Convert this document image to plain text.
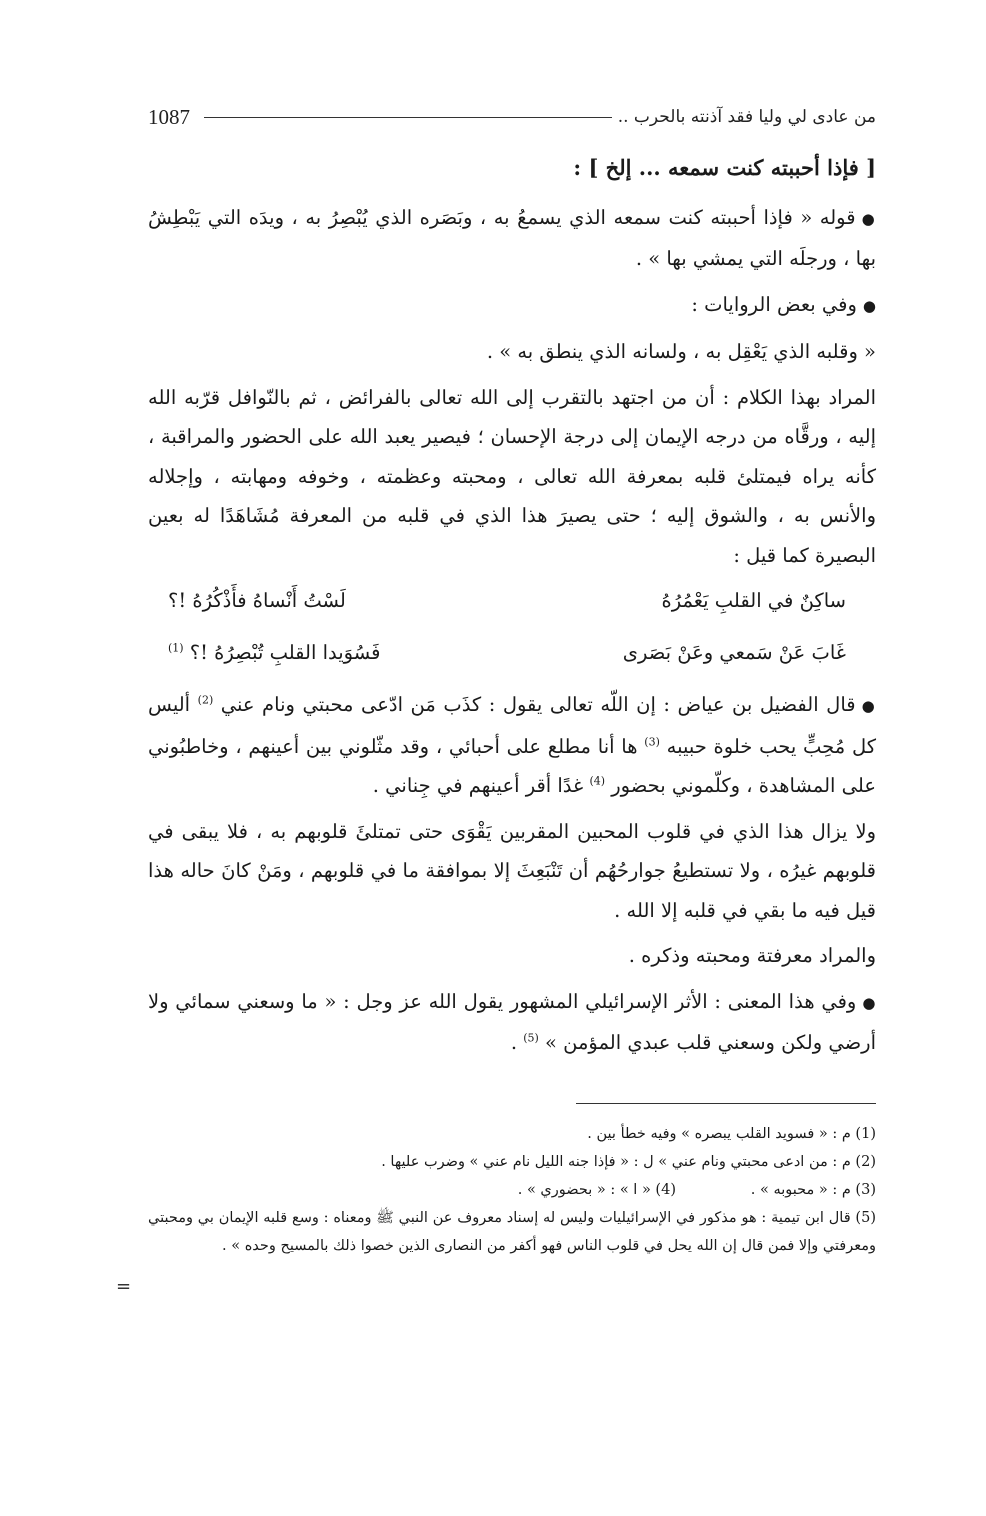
1087	من عادى لي وليا فقد آذنته بالحرب ..

[ فإذا أحببته كنت سمعه ... إلخ ] :

● قوله « فإذا أحببته كنت سمعه الذي يسمعُ به ، وبَصَره الذي يُبْصِرُ به ، ويدَه التي يَبْطِشُ بها ، ورجلَه التي يمشي بها » .

● وفي بعض الروايات :

« وقلبه الذي يَعْقِل به ، ولسانه الذي ينطق به » .

المراد بهذا الكلام : أن من اجتهد بالتقرب إلى الله تعالى بالفرائض ، ثم بالنّوافل قرّبه الله إليه ، ورقَّاه من درجه الإيمان إلى درجة الإحسان ؛ فيصير يعبد الله على الحضور والمراقبة ، كأنه يراه فيمتلئ قلبه بمعرفة الله تعالى ، ومحبته وعظمته ، وخوفه ومهابته ، وإجلاله والأنس به ، والشوق إليه ؛ حتى يصيرَ هذا الذي في قلبه من المعرفة مُشَاهَدًا له بعين البصيرة كما قيل :

ساكِنٌ في القلبِ يَعْمُرُهُ
لَسْتُ أَنْساهُ فأَذْكُرُهُ !؟
غَابَ عَنْ سَمعي وعَنْ بَصَرى
فَسُوَيدا القلبِ تُبْصِرُهُ !؟ $^{(1)}$

● قال الفضيل بن عياض : إن اللّه تعالى يقول : كذَب مَن ادّعى محبتي ونام عني $^{(2)}$ أليس كل مُحِبٍّ يحب خلوة حبيبه $^{(3)}$ ها أنا مطلع على أحبائي ، وقد مثّلوني بين أعينهم ، وخاطبُوني على المشاهدة ، وكلّموني بحضور $^{(4)}$ غدًا أقر أعينهم في جِناني .

ولا يزال هذا الذي في قلوب المحبين المقربين يَقْوَى حتى تمتلئَ قلوبهم به ، فلا يبقى في قلوبهم غيرُه ، ولا تستطيعُ جوارحُهُم أن تَنْبَعِثَ إلا بموافقة ما في قلوبهم ، ومَنْ كانَ حاله هذا قيل فيه ما بقي في قلبه إلا الله .

والمراد معرفتة ومحبته وذكره .

● وفي هذا المعنى : الأثر الإسرائيلي المشهور يقول الله عز وجل : « ما وسعني سمائي ولا أرضي ولكن وسعني قلب عبدي المؤمن » $^{(5)}$ .

(1) م : « فسويد القلب يبصره » وفيه خطأ بين .

(2) م : من ادعى محبتي ونام عني » ل : « فإذا جنه الليل نام عني » وضرب عليها .

(3) م : « محبوبه » .
(4) « ا » : « بحضوري » .

(5) قال ابن تيمية : هو مذكور في الإسرائيليات وليس له إسناد معروف عن النبي ﷺ ومعناه : وسع قلبه الإيمان بي ومحبتي ومعرفتي وإلا فمن قال إن الله يحل في قلوب الناس فهو أكفر من النصارى الذين خصوا ذلك بالمسيح وحده » .

=
